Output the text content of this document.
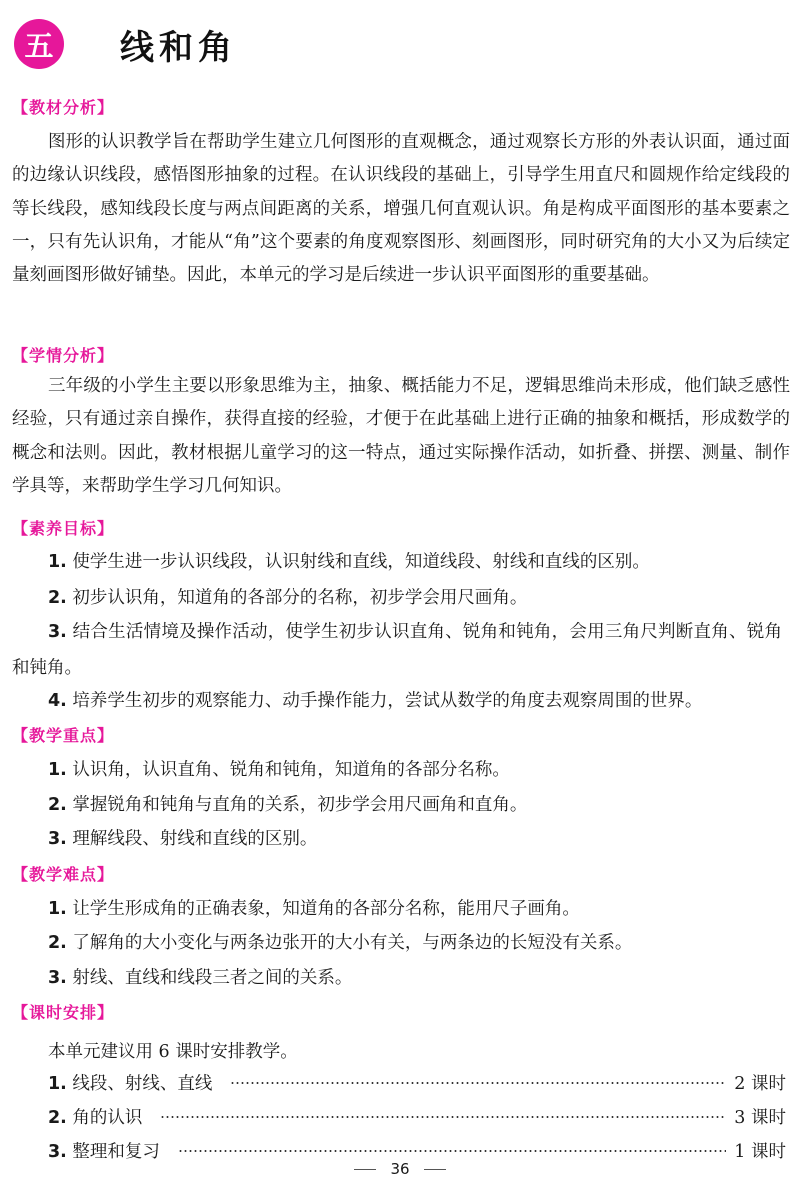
五	线和角
【教材分析】

图形的认识教学旨在帮助学生建立几何图形的直观概念，通过观察长方形的外表认识面，通过面的边缘认识线段，感悟图形抽象的过程。在认识线段的基础上，引导学生用直尺和圆规作给定线段的等长线段，感知线段长度与两点间距离的关系，增强几何直观认识。角是构成平面图形的基本要素之一，只有先认识角，才能从“角”这个要素的角度观察图形、刻画图形，同时研究角的大小又为后续定量刻画图形做好铺垫。因此，本单元的学习是后续进一步认识平面图形的重要基础。

【学情分析】

三年级的小学生主要以形象思维为主，抽象、概括能力不足，逻辑思维尚未形成，他们缺乏感性经验，只有通过亲自操作，获得直接的经验，才便于在此基础上进行正确的抽象和概括，形成数学的概念和法则。因此，教材根据儿童学习的这一特点，通过实际操作活动，如折叠、拼摆、测量、制作学具等，来帮助学生学习几何知识。

【素养目标】

1. 使学生进一步认识线段，认识射线和直线，知道线段、射线和直线的区别。

2. 初步认识角，知道角的各部分的名称，初步学会用尺画角。

3. 结合生活情境及操作活动，使学生初步认识直角、锐角和钝角，会用三角尺判断直角、锐角和钝角。

4. 培养学生初步的观察能力、动手操作能力，尝试从数学的角度去观察周围的世界。

【教学重点】

1. 认识角，认识直角、锐角和钝角，知道角的各部分名称。

2. 掌握锐角和钝角与直角的关系，初步学会用尺画角和直角。

3. 理解线段、射线和直线的区别。

【教学难点】

1. 让学生形成角的正确表象，知道角的各部分名称，能用尺子画角。

2. 了解角的大小变化与两条边张开的大小有关，与两条边的长短没有关系。

3. 射线、直线和线段三者之间的关系。

【课时安排】
本单元建议用 6 课时安排教学。
1. 线段、射线、直线	2 课时
2. 角的认识	3 课时
3. 整理和复习	1 课时
36
